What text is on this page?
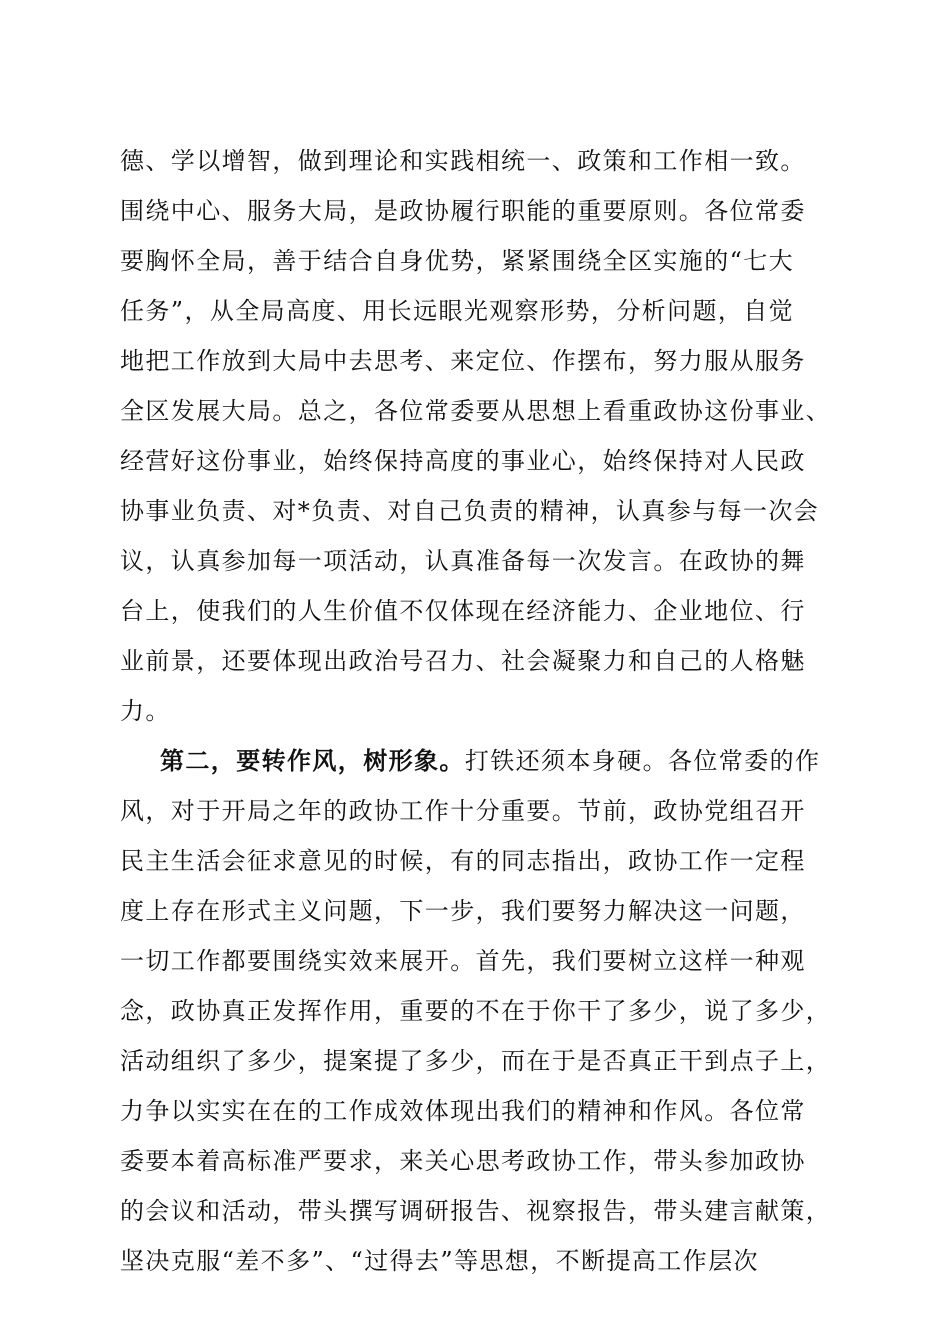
德、学以增智，做到理论和实践相统一、政策和工作相一致。
围绕中心、服务大局，是政协履行职能的重要原则。各位常委
要胸怀全局，善于结合自身优势，紧紧围绕全区实施的“七大
任务”，从全局高度、用长远眼光观察形势，分析问题，自觉
地把工作放到大局中去思考、来定位、作摆布，努力服从服务
全区发展大局。总之，各位常委要从思想上看重政协这份事业、
经营好这份事业，始终保持高度的事业心，始终保持对人民政
协事业负责、对*负责、对自己负责的精神，认真参与每一次会
议，认真参加每一项活动，认真准备每一次发言。在政协的舞
台上，使我们的人生价值不仅体现在经济能力、企业地位、行
业前景，还要体现出政治号召力、社会凝聚力和自己的人格魅
力。
第二，要转作风，树形象。打铁还须本身硬。各位常委的作
风，对于开局之年的政协工作十分重要。节前，政协党组召开
民主生活会征求意见的时候，有的同志指出，政协工作一定程
度上存在形式主义问题，下一步，我们要努力解决这一问题，
一切工作都要围绕实效来展开。首先，我们要树立这样一种观
念，政协真正发挥作用，重要的不在于你干了多少，说了多少，
活动组织了多少，提案提了多少，而在于是否真正干到点子上，
力争以实实在在的工作成效体现出我们的精神和作风。各位常
委要本着高标准严要求，来关心思考政协工作，带头参加政协
的会议和活动，带头撰写调研报告、视察报告，带头建言献策，
坚决克服“差不多”、“过得去”等思想，不断提高工作层次
